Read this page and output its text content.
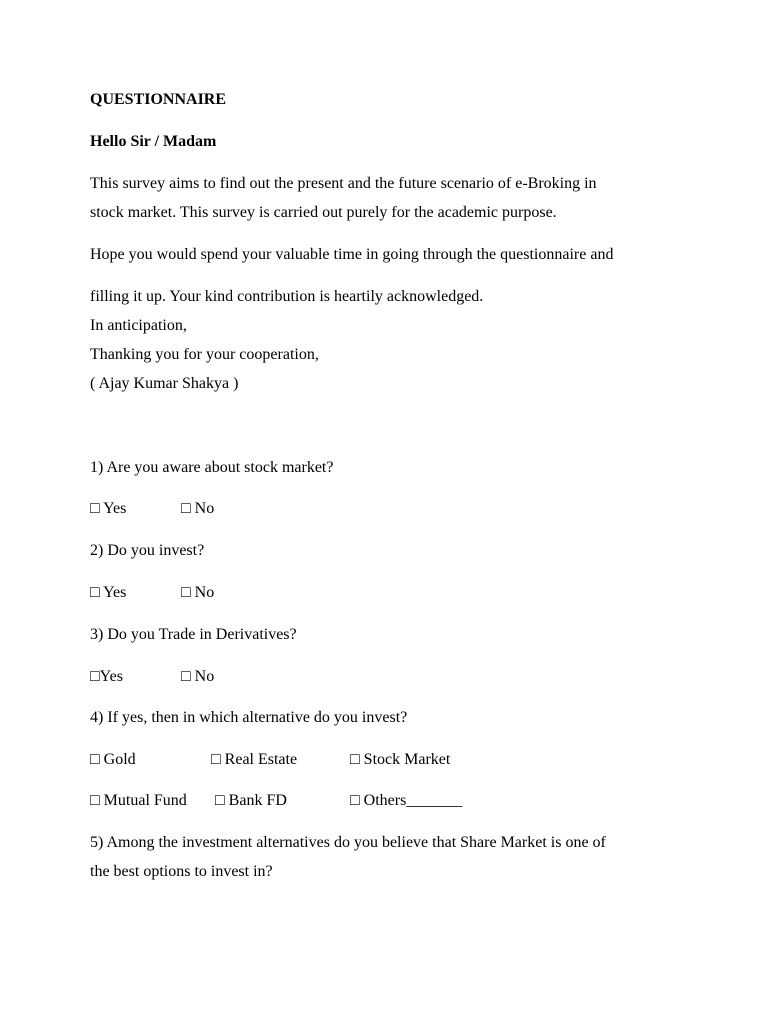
QUESTIONNAIRE
Hello Sir / Madam
This survey aims to find out the present and the future scenario of e-Broking in
stock market. This survey is carried out purely for the academic purpose.
Hope you would spend your valuable time in going through the questionnaire and
filling it up. Your kind contribution is heartily acknowledged.
In anticipation,
Thanking you for your cooperation,
( Ajay Kumar Shakya )
1) Are you aware about stock market?
□ Yes	□ No
2) Do you invest?
□ Yes	□ No
3) Do you Trade in Derivatives?
□Yes	□ No
4) If yes, then in which alternative do you invest?
□ Gold	□ Real Estate	□ Stock Market
□ Mutual Fund □ Bank FD	□ Others_______
5) Among the investment alternatives do you believe that Share Market is one of
the best options to invest in?
